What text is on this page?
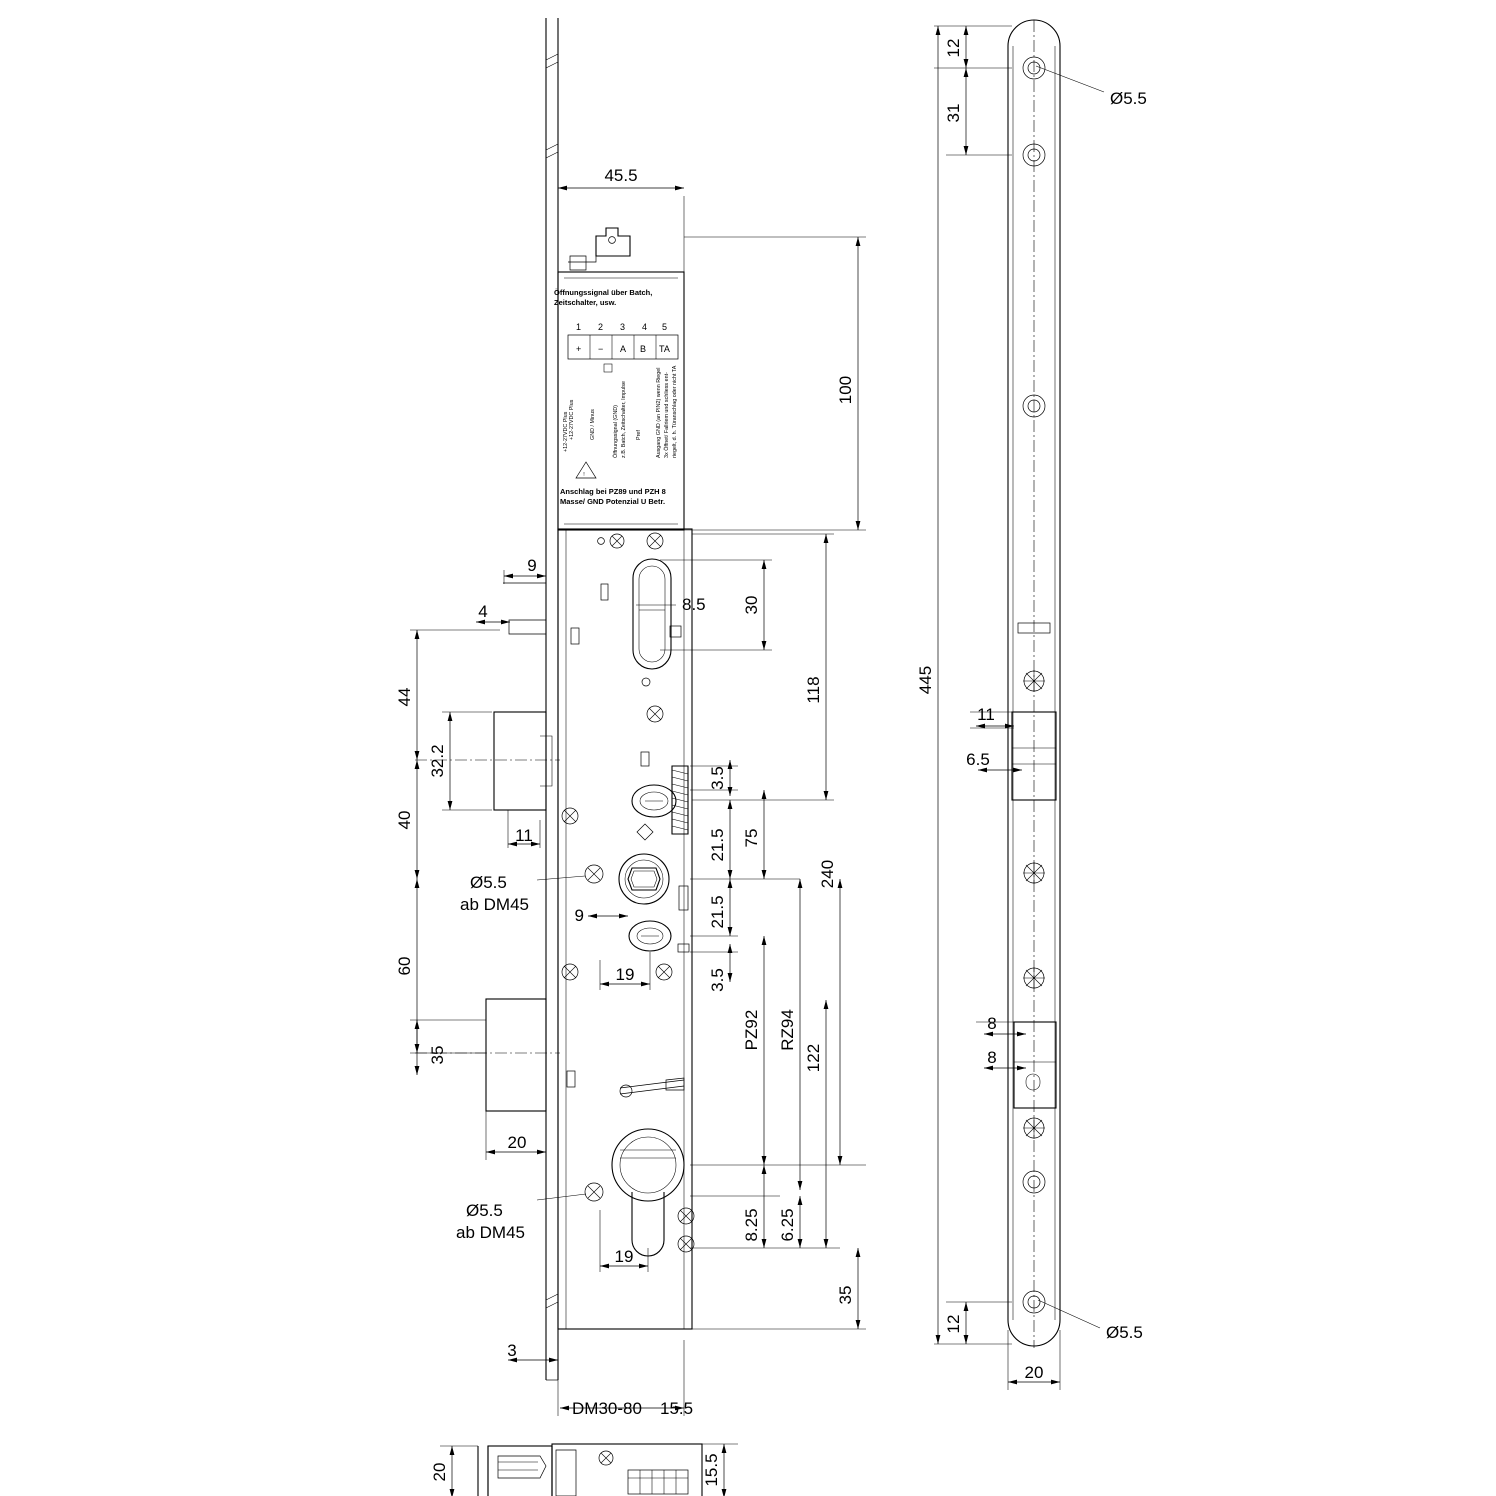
Öffnungssignal über Batch,
Zeitschalter, usw.
1 2 3 4 5
+ − A B TA
+12-27VDC Plus	GND / Minus	Öffnungssignal (GND) z.B. Batch, Zeitschalter, Impulse Pref	Ausgang GND (an PIN2) wenn Riegel 3x Öffnet/ Fallriem und schliess ent- riegelt, d. h. Türanschlag oder nicht TA
+12-27VDC Plus
!
Anschlag bei PZ89 und PZH 8
Masse/ GND Potenzial U Betr.
45.5
100
9
4	8.5 30
118
44
32.2
40
11
3.5
75
21.5
21.5
240
Ø5.5
ab DM45
9
60	19	3.5
PZ92 RZ94
122
35
20
Ø5.5
ab DM45	8.25 6.25
19
35
3
DM30-80 15.5
12
31
Ø5.5
445
11
6.5
8
8
12	Ø5.5
20
20	15.5
